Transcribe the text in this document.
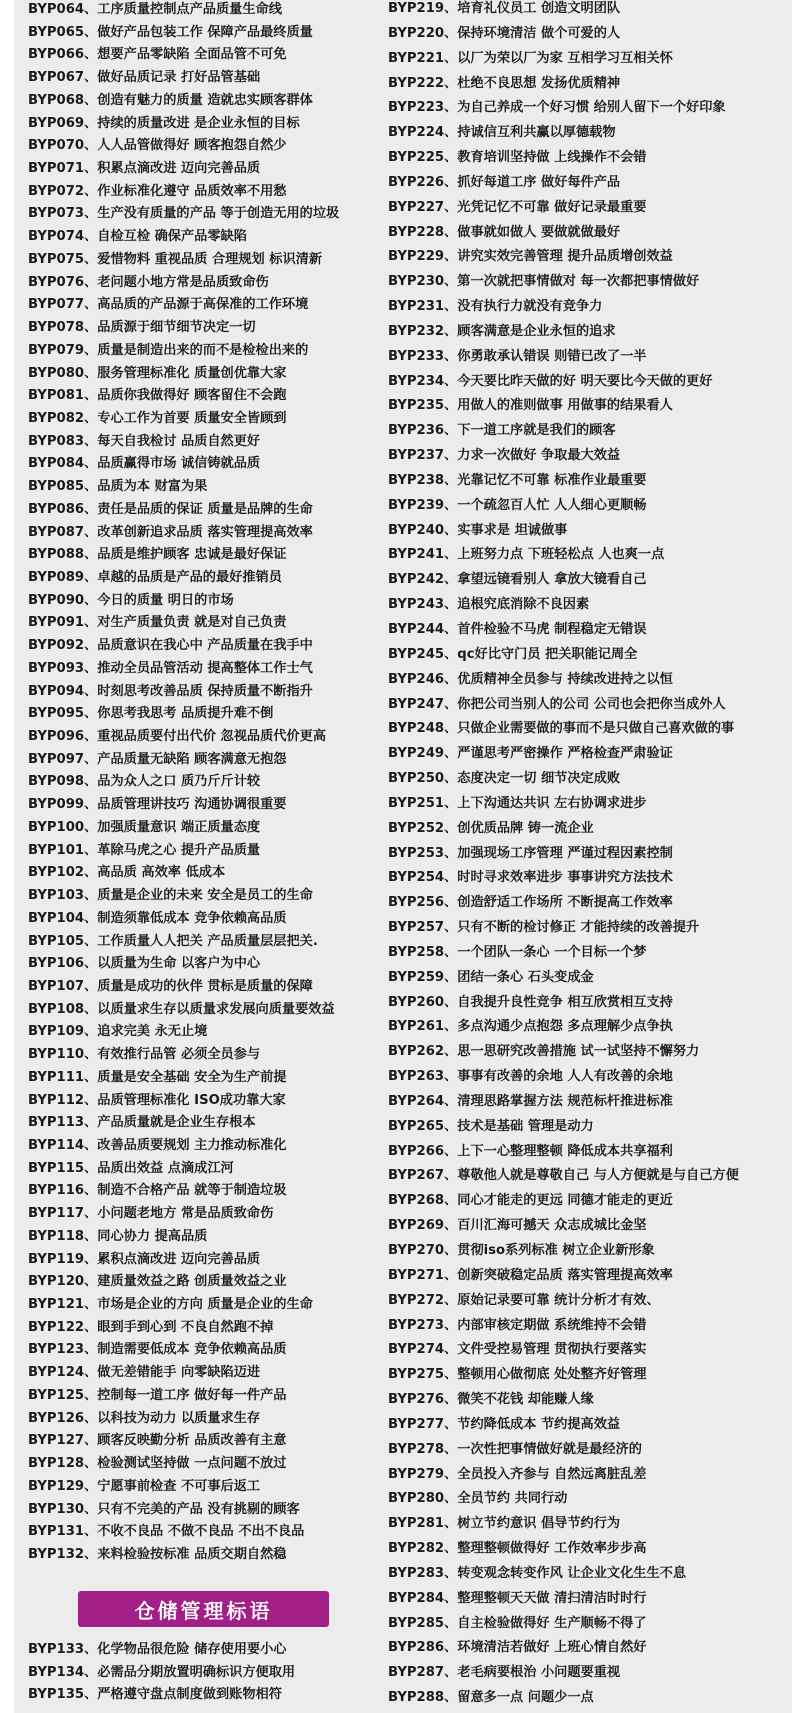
BYP064、工序质量控制点产品质量生命线
BYP065、做好产品包装工作 保障产品最终质量
BYP066、想要产品零缺陷 全面品管不可免
BYP067、做好品质记录 打好品管基础
BYP068、创造有魅力的质量 造就忠实顾客群体
BYP069、持续的质量改进 是企业永恒的目标
BYP070、人人品管做得好 顾客抱怨自然少
BYP071、积累点滴改进 迈向完善品质
BYP072、作业标准化遵守 品质效率不用愁
BYP073、生产没有质量的产品 等于创造无用的垃圾
BYP074、自检互检 确保产品零缺陷
BYP075、爱惜物料 重视品质 合理规划 标识清新
BYP076、老问题小地方常是品质致命伤
BYP077、高品质的产品源于高保准的工作环境
BYP078、品质源于细节细节决定一切
BYP079、质量是制造出来的而不是检检出来的
BYP080、服务管理标准化 质量创优靠大家
BYP081、品质你我做得好 顾客留住不会跑
BYP082、专心工作为首要 质量安全皆顾到
BYP083、每天自我检讨 品质自然更好
BYP084、品质赢得市场 诚信铸就品质
BYP085、品质为本 财富为果
BYP086、责任是品质的保证 质量是品牌的生命
BYP087、改革创新追求品质 落实管理提高效率
BYP088、品质是维护顾客 忠诚是最好保证
BYP089、卓越的品质是产品的最好推销员
BYP090、今日的质量 明日的市场
BYP091、对生产质量负责 就是对自己负责
BYP092、品质意识在我心中 产品质量在我手中
BYP093、推动全员品管活动 提高整体工作士气
BYP094、时刻思考改善品质 保持质量不断指升
BYP095、你思考我思考 品质提升难不倒
BYP096、重视品质要付出代价 忽视品质代价更高
BYP097、产品质量无缺陷 顾客满意无抱怨
BYP098、品为众人之口 质乃斤斤计较
BYP099、品质管理讲技巧 沟通协调很重要
BYP100、加强质量意识 端正质量态度
BYP101、革除马虎之心 提升产品质量
BYP102、高品质 高效率 低成本
BYP103、质量是企业的未来 安全是员工的生命
BYP104、制造须靠低成本 竞争依赖高品质
BYP105、工作质量人人把关 产品质量层层把关.
BYP106、以质量为生命 以客户为中心
BYP107、质量是成功的伙伴 贯标是质量的保障
BYP108、以质量求生存以质量求发展向质量要效益
BYP109、追求完美 永无止境
BYP110、有效推行品管 必须全员参与
BYP111、质量是安全基础 安全为生产前提
BYP112、品质管理标准化 ISO成功靠大家
BYP113、产品质量就是企业生存根本
BYP114、改善品质要规划 主力推动标准化
BYP115、品质出效益 点滴成江河
BYP116、制造不合格产品 就等于制造垃圾
BYP117、小问题老地方 常是品质致命伤
BYP118、同心协力 提高品质
BYP119、累积点滴改进 迈向完善品质
BYP120、建质量效益之路 创质量效益之业
BYP121、市场是企业的方向 质量是企业的生命
BYP122、眼到手到心到 不良自然跑不掉
BYP123、制造需要低成本 竞争依赖高品质
BYP124、做无差错能手 向零缺陷迈进
BYP125、控制每一道工序 做好每一件产品
BYP126、以科技为动力 以质量求生存
BYP127、顾客反映勤分析 品质改善有主意
BYP128、检验测试坚持做 一点问题不放过
BYP129、宁愿事前检查 不可事后返工
BYP130、只有不完美的产品 没有挑剔的顾客
BYP131、不收不良品 不做不良品 不出不良品
BYP132、来料检验按标准 品质交期自然稳
BYP133、化学物品很危险 储存使用要小心
BYP134、必需品分期放置明确标识方便取用
BYP135、严格遵守盘点制度做到账物相符
仓储管理标语
BYP219、培育礼仪员工 创造文明团队
BYP220、保持环境清洁 做个可爱的人
BYP221、以厂为荣以厂为家 互相学习互相关怀
BYP222、杜绝不良思想 发扬优质精神
BYP223、为自己养成一个好习惯 给别人留下一个好印象
BYP224、持诚信互利共赢以厚德载物
BYP225、教育培训坚持做 上线操作不会错
BYP226、抓好每道工序 做好每件产品
BYP227、光凭记忆不可靠 做好记录最重要
BYP228、做事就如做人 要做就做最好
BYP229、讲究实效完善管理 提升品质增创效益
BYP230、第一次就把事情做对 每一次都把事情做好
BYP231、没有执行力就没有竞争力
BYP232、顾客满意是企业永恒的追求
BYP233、你勇敢承认错误 则错已改了一半
BYP234、今天要比昨天做的好 明天要比今天做的更好
BYP235、用做人的准则做事 用做事的结果看人
BYP236、下一道工序就是我们的顾客
BYP237、力求一次做好 争取最大效益
BYP238、光靠记忆不可靠 标准作业最重要
BYP239、一个疏忽百人忙 人人细心更顺畅
BYP240、实事求是 坦诚做事
BYP241、上班努力点 下班轻松点 人也爽一点
BYP242、拿望远镜看别人 拿放大镜看自己
BYP243、追根究底消除不良因素
BYP244、首件检验不马虎 制程稳定无错误
BYP245、qc好比守门员 把关职能记周全
BYP246、优质精神全员参与 持续改进持之以恒
BYP247、你把公司当别人的公司 公司也会把你当成外人
BYP248、只做企业需要做的事而不是只做自己喜欢做的事
BYP249、严谨思考严密操作 严格检查严肃验证
BYP250、态度决定一切 细节决定成败
BYP251、上下沟通达共识 左右协调求进步
BYP252、创优质品牌 铸一流企业
BYP253、加强现场工序管理 严谨过程因素控制
BYP254、时时寻求效率进步 事事讲究方法技术
BYP256、创造舒适工作场所 不断提高工作效率
BYP257、只有不断的检讨修正 才能持续的改善提升
BYP258、一个团队一条心 一个目标一个梦
BYP259、团结一条心 石头变成金
BYP260、自我提升良性竞争 相互欣赏相互支持
BYP261、多点沟通少点抱怨 多点理解少点争执
BYP262、思一思研究改善措施 试一试坚持不懈努力
BYP263、事事有改善的余地 人人有改善的余地
BYP264、清理思路掌握方法 规范标杆推进标准
BYP265、技术是基础 管理是动力
BYP266、上下一心整理整顿 降低成本共享福利
BYP267、尊敬他人就是尊敬自己 与人方便就是与自己方便
BYP268、同心才能走的更远 同德才能走的更近
BYP269、百川汇海可撼天 众志成城比金坚
BYP270、贯彻iso系列标准 树立企业新形象
BYP271、创新突破稳定品质 落实管理提高效率
BYP272、原始记录要可靠 统计分析才有效、
BYP273、内部审核定期做 系统维持不会错
BYP274、文件受控易管理 贯彻执行要落实
BYP275、整顿用心做彻底 处处整齐好管理
BYP276、微笑不花钱 却能赚人缘
BYP277、节约降低成本 节约提高效益
BYP278、一次性把事情做好就是最经济的
BYP279、全员投入齐参与 自然远离脏乱差
BYP280、全员节约 共同行动
BYP281、树立节约意识 倡导节约行为
BYP282、整理整顿做得好 工作效率步步高
BYP283、转变观念转变作风 让企业文化生生不息
BYP284、整理整顿天天做 清扫清洁时时行
BYP285、自主检验做得好 生产顺畅不得了
BYP286、环境清洁若做好 上班心情自然好
BYP287、老毛病要根治 小问题要重视
BYP288、留意多一点 问题少一点
